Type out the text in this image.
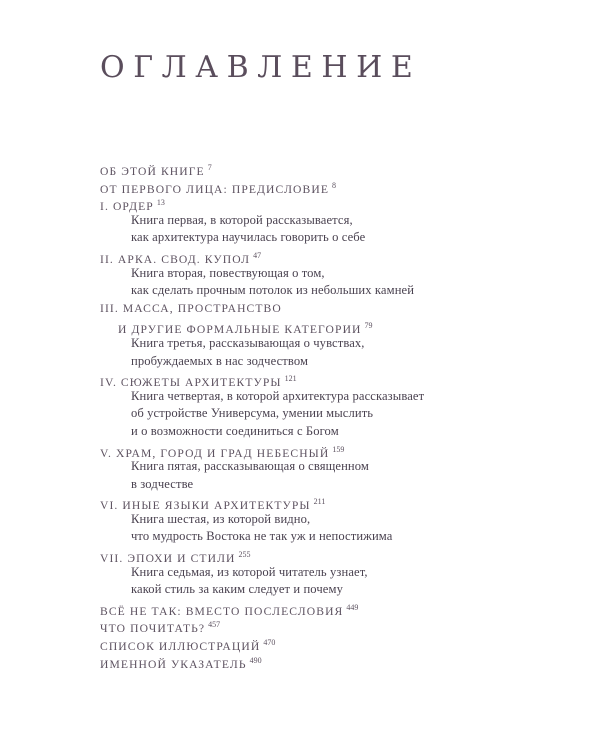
ОГЛАВЛЕНИЕ
ОБ ЭТОЙ КНИГЕ $^7$
ОТ ПЕРВОГО ЛИЦА: ПРЕДИСЛОВИЕ $^8$
I. ОРДЕР $^{13}$
Книга первая, в которой рассказывается,
как архитектура научилась говорить о себе
II. АРКА. СВОД. КУПОЛ $^{47}$
Книга вторая, повествующая о том,
как сделать прочным потолок из небольших камней
III. МАССА, ПРОСТРАНСТВО
И ДРУГИЕ ФОРМАЛЬНЫЕ КАТЕГОРИИ $^{79}$
Книга третья, рассказывающая о чувствах,
пробуждаемых в нас зодчеством
IV. СЮЖЕТЫ АРХИТЕКТУРЫ $^{121}$
Книга четвертая, в которой архитектура рассказывает
об устройстве Универсума, умении мыслить
и о возможности соединиться с Богом
V. ХРАМ, ГОРОД И ГРАД НЕБЕСНЫЙ $^{159}$
Книга пятая, рассказывающая о священном
в зодчестве
VI. ИНЫЕ ЯЗЫКИ АРХИТЕКТУРЫ $^{211}$
Книга шестая, из которой видно,
что мудрость Востока не так уж и непостижима
VII. ЭПОХИ И СТИЛИ $^{255}$
Книга седьмая, из которой читатель узнает,
какой стиль за каким следует и почему
ВСЁ НЕ ТАК: ВМЕСТО ПОСЛЕСЛОВИЯ $^{449}$
ЧТО ПОЧИТАТЬ? $^{457}$
СПИСОК ИЛЛЮСТРАЦИЙ $^{470}$
ИМЕННОЙ УКАЗАТЕЛЬ $^{490}$
